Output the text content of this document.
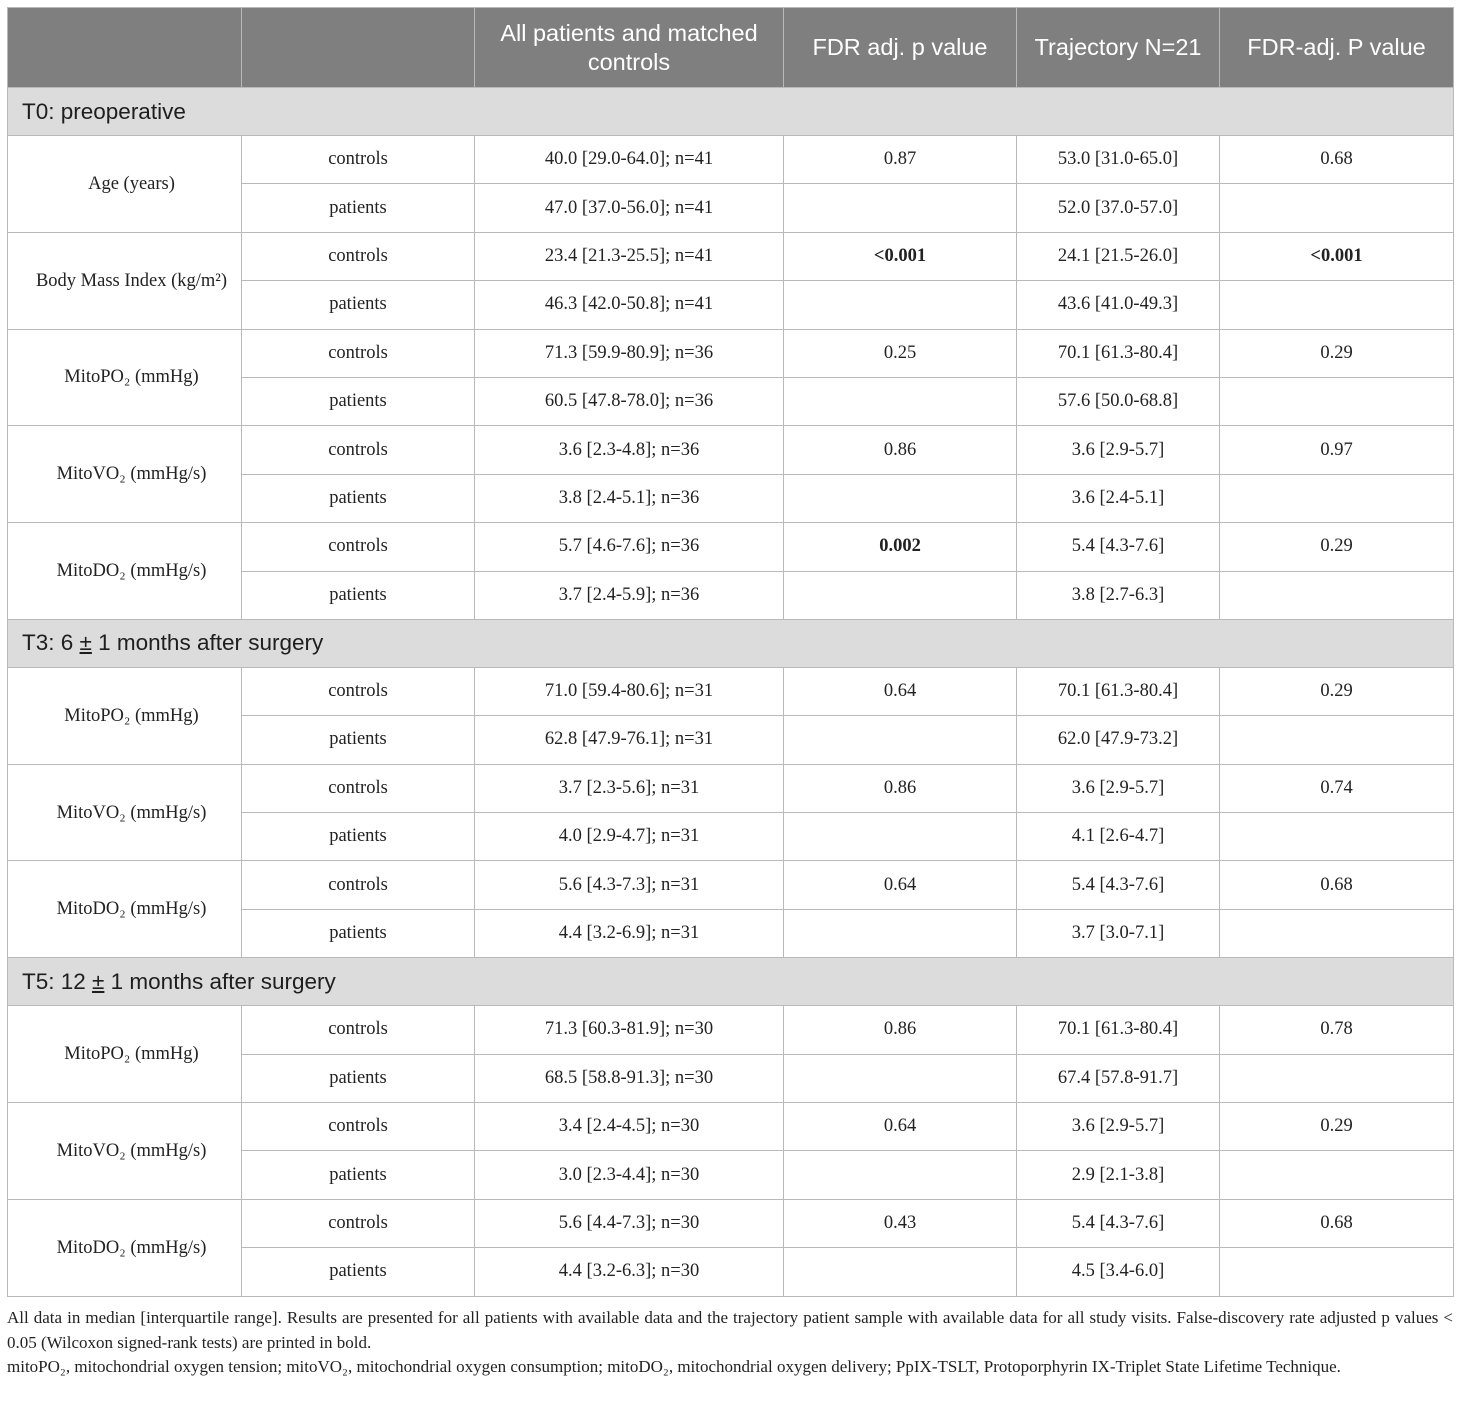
		All patients and matched controls	FDR adj. p value	Trajectory N=21	FDR-adj. P value
T0: preoperative					
Age (years)	controls	40.0 [29.0-64.0]; n=41	0.87	53.0 [31.0-65.0]	0.68
	patients	47.0 [37.0-56.0]; n=41		52.0 [37.0-57.0]	
Body Mass Index (kg/m²)	controls	23.4 [21.3-25.5]; n=41	<0.001	24.1 [21.5-26.0]	<0.001
	patients	46.3 [42.0-50.8]; n=41		43.6 [41.0-49.3]	
MitoPO₂ (mmHg)	controls	71.3 [59.9-80.9]; n=36	0.25	70.1 [61.3-80.4]	0.29
	patients	60.5 [47.8-78.0]; n=36		57.6 [50.0-68.8]	
MitoVO₂ (mmHg/s)	controls	3.6 [2.3-4.8]; n=36	0.86	3.6 [2.9-5.7]	0.97
	patients	3.8 [2.4-5.1]; n=36		3.6 [2.4-5.1]	
MitoDO₂ (mmHg/s)	controls	5.7 [4.6-7.6]; n=36	0.002	5.4 [4.3-7.6]	0.29
	patients	3.7 [2.4-5.9]; n=36		3.8 [2.7-6.3]	
T3: 6 ± 1 months after surgery					
MitoPO₂ (mmHg)	controls	71.0 [59.4-80.6]; n=31	0.64	70.1 [61.3-80.4]	0.29
	patients	62.8 [47.9-76.1]; n=31		62.0 [47.9-73.2]	
MitoVO₂ (mmHg/s)	controls	3.7 [2.3-5.6]; n=31	0.86	3.6 [2.9-5.7]	0.74
	patients	4.0 [2.9-4.7]; n=31		4.1 [2.6-4.7]	
MitoDO₂ (mmHg/s)	controls	5.6 [4.3-7.3]; n=31	0.64	5.4 [4.3-7.6]	0.68
	patients	4.4 [3.2-6.9]; n=31		3.7 [3.0-7.1]	
T5: 12 ± 1 months after surgery					
MitoPO₂ (mmHg)	controls	71.3 [60.3-81.9]; n=30	0.86	70.1 [61.3-80.4]	0.78
	patients	68.5 [58.8-91.3]; n=30		67.4 [57.8-91.7]	
MitoVO₂ (mmHg/s)	controls	3.4 [2.4-4.5]; n=30	0.64	3.6 [2.9-5.7]	0.29
	patients	3.0 [2.3-4.4]; n=30		2.9 [2.1-3.8]	
MitoDO₂ (mmHg/s)	controls	5.6 [4.4-7.3]; n=30	0.43	5.4 [4.3-7.6]	0.68
	patients	4.4 [3.2-6.3]; n=30		4.5 [3.4-6.0]	

All data in median [interquartile range]. Results are presented for all patients with available data and the trajectory patient sample with available data for all study visits. False-discovery rate adjusted p values < 0.05 (Wilcoxon signed-rank tests) are printed in bold.

mitoPO₂, mitochondrial oxygen tension; mitoVO₂, mitochondrial oxygen consumption; mitoDO₂, mitochondrial oxygen delivery; PpIX-TSLT, Protoporphyrin IX-Triplet State Lifetime Technique.
